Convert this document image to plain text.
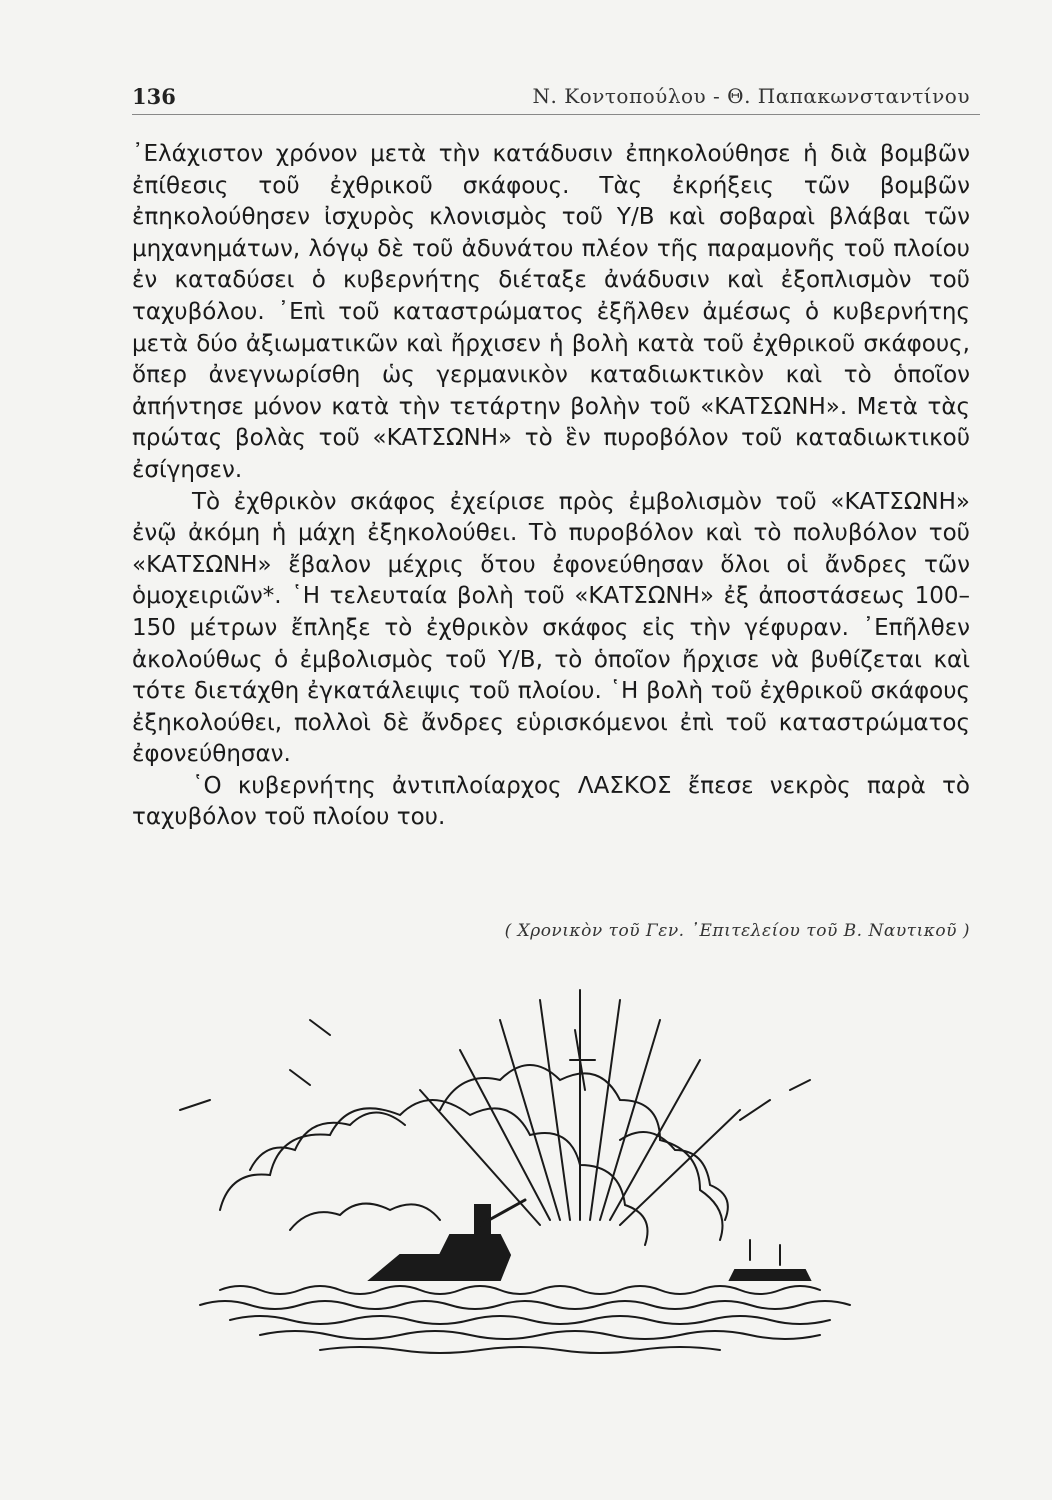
136	Ν. Κοντοπούλου - Θ. Παπακωνσταντίνου

᾽Ελάχιστον χρόνον μετὰ τὴν κατάδυσιν ἐπηκολούθησε ἡ διὰ βομβῶν ἐπίθεσις τοῦ ἐχθρικοῦ σκάφους. Τὰς ἐκρήξεις τῶν βομβῶν ἐπηκολούθησεν ἰσχυρὸς κλονισμὸς τοῦ Υ/Β καὶ σοβαραὶ βλάβαι τῶν μηχανημάτων, λόγῳ δὲ τοῦ ἀδυνάτου πλέον τῆς παραμονῆς τοῦ πλοίου ἐν καταδύσει ὁ κυβερνήτης διέταξε ἀνάδυσιν καὶ ἐξοπλισμὸν τοῦ ταχυβόλου. ᾽Επὶ τοῦ καταστρώματος ἐξῆλθεν ἀμέσως ὁ κυβερνήτης μετὰ δύο ἀξιωματικῶν καὶ ἤρχισεν ἡ βολὴ κατὰ τοῦ ἐχθρικοῦ σκάφους, ὅπερ ἀνεγνωρίσθη ὡς γερμανικὸν καταδιωκτικὸν καὶ τὸ ὁποῖον ἀπήντησε μόνον κατὰ τὴν τετάρτην βολὴν τοῦ «ΚΑΤΣΩΝΗ». Μετὰ τὰς πρώτας βολὰς τοῦ «ΚΑΤΣΩΝΗ» τὸ ἓν πυροβόλον τοῦ καταδιωκτικοῦ ἐσίγησεν.

Τὸ ἐχθρικὸν σκάφος ἐχείρισε πρὸς ἐμβολισμὸν τοῦ «ΚΑΤΣΩΝΗ» ἐνῷ ἀκόμη ἡ μάχη ἐξηκολούθει. Τὸ πυροβόλον καὶ τὸ πολυβόλον τοῦ «ΚΑΤΣΩΝΗ» ἔβαλον μέχρις ὅτου ἐφονεύθησαν ὅλοι οἱ ἄνδρες τῶν ὁμοχειριῶν*. ῾Η τελευταία βολὴ τοῦ «ΚΑΤΣΩΝΗ» ἐξ ἀποστάσεως 100–150 μέτρων ἔπληξε τὸ ἐχθρικὸν σκάφος εἰς τὴν γέφυραν. ᾽Επῆλθεν ἀκολούθως ὁ ἐμβολισμὸς τοῦ Υ/Β, τὸ ὁποῖον ἤρχισε νὰ βυθίζεται καὶ τότε διετάχθη ἐγκατάλειψις τοῦ πλοίου. ῾Η βολὴ τοῦ ἐχθρικοῦ σκάφους ἐξηκολούθει, πολλοὶ δὲ ἄνδρες εὑρισκόμενοι ἐπὶ τοῦ καταστρώματος ἐφονεύθησαν.

῾Ο κυβερνήτης ἀντιπλοίαρχος ΛΑΣΚΟΣ ἔπεσε νεκρὸς παρὰ τὸ ταχυβόλον τοῦ πλοίου του.

( Χρονικὸν τοῦ Γεν. ᾽Επιτελείου τοῦ Β. Ναυτικοῦ )
